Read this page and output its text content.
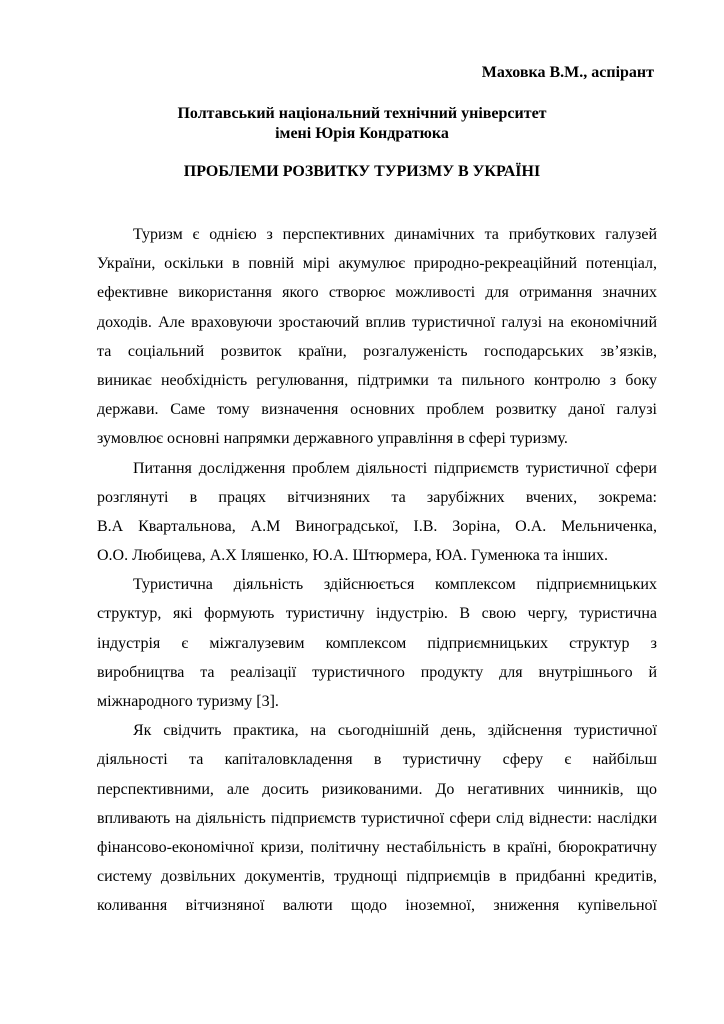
Маховка В.М., аспірант
Полтавський національний технічний університет
імені Юрія Кондратюка
ПРОБЛЕМИ РОЗВИТКУ ТУРИЗМУ В УКРАЇНІ
Туризм є однією з перспективних динамічних та прибуткових галузей
України, оскільки в повній мірі акумулює природно-рекреаційний потенціал,
ефективне використання якого створює можливості для отримання значних
доходів. Але враховуючи зростаючий вплив туристичної галузі на економічний
та соціальний розвиток країни, розгалуженість господарських зв’язків,
виникає необхідність регулювання, підтримки та пильного контролю з боку
держави. Саме тому визначення основних проблем розвитку даної галузі
зумовлює основні напрямки державного управління в сфері туризму.
Питання дослідження проблем діяльності підприємств туристичної сфери
розглянуті в працях вітчизняних та зарубіжних вчених, зокрема:
В.А Квартальнова, А.М Виноградської, І.В. Зоріна, О.А. Мельниченка,
О.О. Любицева, А.Х Іляшенко, Ю.А. Штюрмера, ЮА. Гуменюка та інших.
Туристична діяльність здійснюється комплексом підприємницьких
структур, які формують туристичну індустрію. В свою чергу, туристична
індустрія є міжгалузевим комплексом підприємницьких структур з
виробництва та реалізації туристичного продукту для внутрішнього й
міжнародного туризму [3].
Як свідчить практика, на сьогоднішній день, здійснення туристичної
діяльності та капіталовкладення в туристичну сферу є найбільш
перспективними, але досить ризикованими. До негативних чинників, що
впливають на діяльність підприємств туристичної сфери слід віднести: наслідки
фінансово-економічної кризи, політичну нестабільність в країні, бюрократичну
систему дозвільних документів, труднощі підприємців в придбанні кредитів,
коливання вітчизняної валюти щодо іноземної, зниження купівельної
